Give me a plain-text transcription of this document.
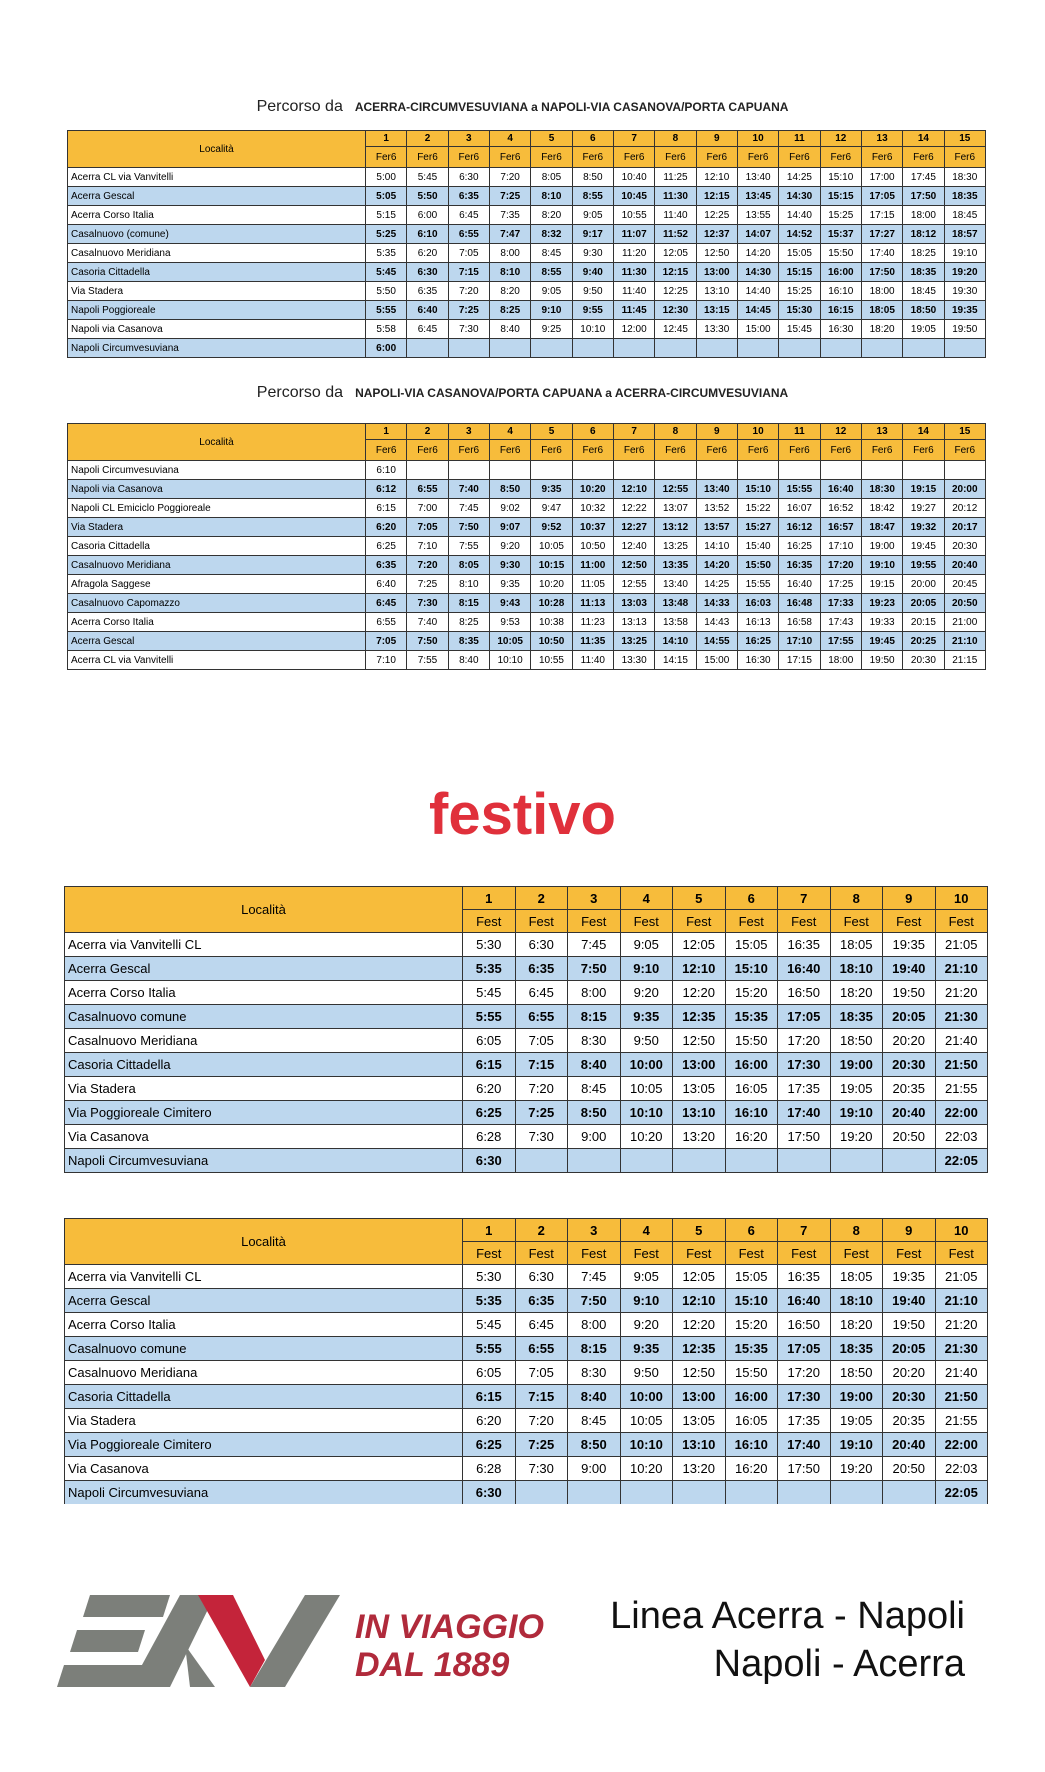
Percorso da ACERRA-CIRCUMVESUVIANA a NAPOLI-VIA CASANOVA/PORTA CAPUANA
Località	1	2	3	4	5	6	7	8	9	10	11	12	13	14	15
	Fer6	Fer6	Fer6	Fer6	Fer6	Fer6	Fer6	Fer6	Fer6	Fer6	Fer6	Fer6	Fer6	Fer6	Fer6
Acerra CL via Vanvitelli	5:00	5:45	6:30	7:20	8:05	8:50	10:40	11:25	12:10	13:40	14:25	15:10	17:00	17:45	18:30
Acerra Gescal	5:05	5:50	6:35	7:25	8:10	8:55	10:45	11:30	12:15	13:45	14:30	15:15	17:05	17:50	18:35
Acerra Corso Italia	5:15	6:00	6:45	7:35	8:20	9:05	10:55	11:40	12:25	13:55	14:40	15:25	17:15	18:00	18:45
Casalnuovo (comune)	5:25	6:10	6:55	7:47	8:32	9:17	11:07	11:52	12:37	14:07	14:52	15:37	17:27	18:12	18:57
Casalnuovo Meridiana	5:35	6:20	7:05	8:00	8:45	9:30	11:20	12:05	12:50	14:20	15:05	15:50	17:40	18:25	19:10
Casoria Cittadella	5:45	6:30	7:15	8:10	8:55	9:40	11:30	12:15	13:00	14:30	15:15	16:00	17:50	18:35	19:20
Via Stadera	5:50	6:35	7:20	8:20	9:05	9:50	11:40	12:25	13:10	14:40	15:25	16:10	18:00	18:45	19:30
Napoli Poggioreale	5:55	6:40	7:25	8:25	9:10	9:55	11:45	12:30	13:15	14:45	15:30	16:15	18:05	18:50	19:35
Napoli via Casanova	5:58	6:45	7:30	8:40	9:25	10:10	12:00	12:45	13:30	15:00	15:45	16:30	18:20	19:05	19:50
Napoli Circumvesuviana	6:00														
Percorso da NAPOLI-VIA CASANOVA/PORTA CAPUANA a ACERRA-CIRCUMVESUVIANA
Località	1	2	3	4	5	6	7	8	9	10	11	12	13	14	15
	Fer6	Fer6	Fer6	Fer6	Fer6	Fer6	Fer6	Fer6	Fer6	Fer6	Fer6	Fer6	Fer6	Fer6	Fer6
Napoli Circumvesuviana	6:10														
Napoli via Casanova	6:12	6:55	7:40	8:50	9:35	10:20	12:10	12:55	13:40	15:10	15:55	16:40	18:30	19:15	20:00
Napoli CL Emiciclo Poggioreale	6:15	7:00	7:45	9:02	9:47	10:32	12:22	13:07	13:52	15:22	16:07	16:52	18:42	19:27	20:12
Via Stadera	6:20	7:05	7:50	9:07	9:52	10:37	12:27	13:12	13:57	15:27	16:12	16:57	18:47	19:32	20:17
Casoria Cittadella	6:25	7:10	7:55	9:20	10:05	10:50	12:40	13:25	14:10	15:40	16:25	17:10	19:00	19:45	20:30
Casalnuovo Meridiana	6:35	7:20	8:05	9:30	10:15	11:00	12:50	13:35	14:20	15:50	16:35	17:20	19:10	19:55	20:40
Afragola Saggese	6:40	7:25	8:10	9:35	10:20	11:05	12:55	13:40	14:25	15:55	16:40	17:25	19:15	20:00	20:45
Casalnuovo Capomazzo	6:45	7:30	8:15	9:43	10:28	11:13	13:03	13:48	14:33	16:03	16:48	17:33	19:23	20:05	20:50
Acerra Corso Italia	6:55	7:40	8:25	9:53	10:38	11:23	13:13	13:58	14:43	16:13	16:58	17:43	19:33	20:15	21:00
Acerra Gescal	7:05	7:50	8:35	10:05	10:50	11:35	13:25	14:10	14:55	16:25	17:10	17:55	19:45	20:25	21:10
Acerra CL via Vanvitelli	7:10	7:55	8:40	10:10	10:55	11:40	13:30	14:15	15:00	16:30	17:15	18:00	19:50	20:30	21:15
festivo
Località	1	2	3	4	5	6	7	8	9	10
	Fest	Fest	Fest	Fest	Fest	Fest	Fest	Fest	Fest	Fest
Acerra via Vanvitelli CL	5:30	6:30	7:45	9:05	12:05	15:05	16:35	18:05	19:35	21:05
Acerra Gescal	5:35	6:35	7:50	9:10	12:10	15:10	16:40	18:10	19:40	21:10
Acerra Corso Italia	5:45	6:45	8:00	9:20	12:20	15:20	16:50	18:20	19:50	21:20
Casalnuovo comune	5:55	6:55	8:15	9:35	12:35	15:35	17:05	18:35	20:05	21:30
Casalnuovo Meridiana	6:05	7:05	8:30	9:50	12:50	15:50	17:20	18:50	20:20	21:40
Casoria Cittadella	6:15	7:15	8:40	10:00	13:00	16:00	17:30	19:00	20:30	21:50
Via Stadera	6:20	7:20	8:45	10:05	13:05	16:05	17:35	19:05	20:35	21:55
Via Poggioreale Cimitero	6:25	7:25	8:50	10:10	13:10	16:10	17:40	19:10	20:40	22:00
Via Casanova	6:28	7:30	9:00	10:20	13:20	16:20	17:50	19:20	20:50	22:03
Napoli Circumvesuviana	6:30									22:05
Località	1	2	3	4	5	6	7	8	9	10
	Fest	Fest	Fest	Fest	Fest	Fest	Fest	Fest	Fest	Fest
Acerra via Vanvitelli CL	5:30	6:30	7:45	9:05	12:05	15:05	16:35	18:05	19:35	21:05
Acerra Gescal	5:35	6:35	7:50	9:10	12:10	15:10	16:40	18:10	19:40	21:10
Acerra Corso Italia	5:45	6:45	8:00	9:20	12:20	15:20	16:50	18:20	19:50	21:20
Casalnuovo comune	5:55	6:55	8:15	9:35	12:35	15:35	17:05	18:35	20:05	21:30
Casalnuovo Meridiana	6:05	7:05	8:30	9:50	12:50	15:50	17:20	18:50	20:20	21:40
Casoria Cittadella	6:15	7:15	8:40	10:00	13:00	16:00	17:30	19:00	20:30	21:50
Via Stadera	6:20	7:20	8:45	10:05	13:05	16:05	17:35	19:05	20:35	21:55
Via Poggioreale Cimitero	6:25	7:25	8:50	10:10	13:10	16:10	17:40	19:10	20:40	22:00
Via Casanova	6:28	7:30	9:00	10:20	13:20	16:20	17:50	19:20	20:50	22:03
Napoli Circumvesuviana	6:30									22:05
IN VIAGGIO
DAL 1889
Linea Acerra - Napoli
Napoli - Acerra
